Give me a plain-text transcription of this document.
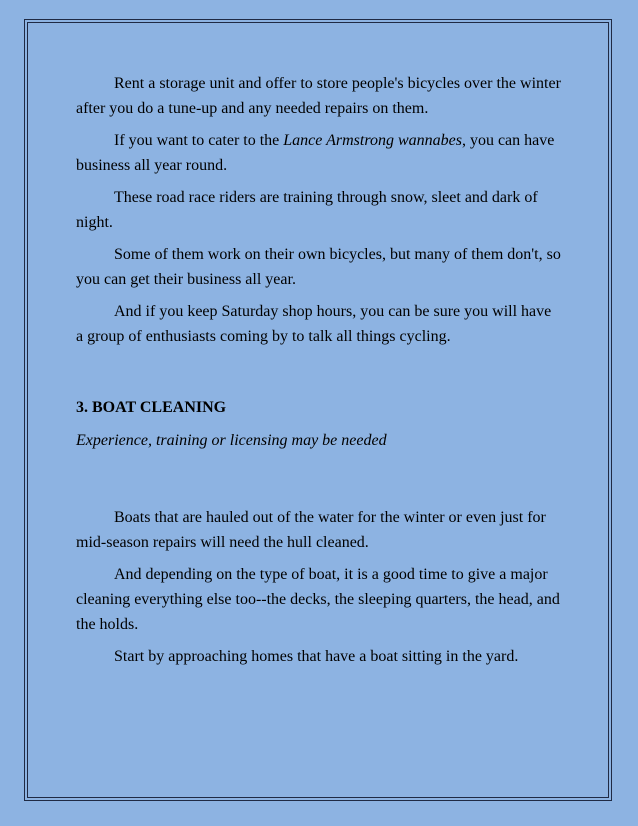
Rent a storage unit and offer to store people's bicycles over the winter after you do a tune-up and any needed repairs on them.

If you want to cater to the Lance Armstrong wannabes, you can have business all year round.

These road race riders are training through snow, sleet and dark of night.

Some of them work on their own bicycles, but many of them don't, so you can get their business all year.

And if you keep Saturday shop hours, you can be sure you will have a group of enthusiasts coming by to talk all things cycling.

3. BOAT CLEANING
Experience, training or licensing may be needed

Boats that are hauled out of the water for the winter or even just for mid-season repairs will need the hull cleaned.

And depending on the type of boat, it is a good time to give a major cleaning everything else too--the decks, the sleeping quarters, the head, and the holds.

Start by approaching homes that have a boat sitting in the yard.
